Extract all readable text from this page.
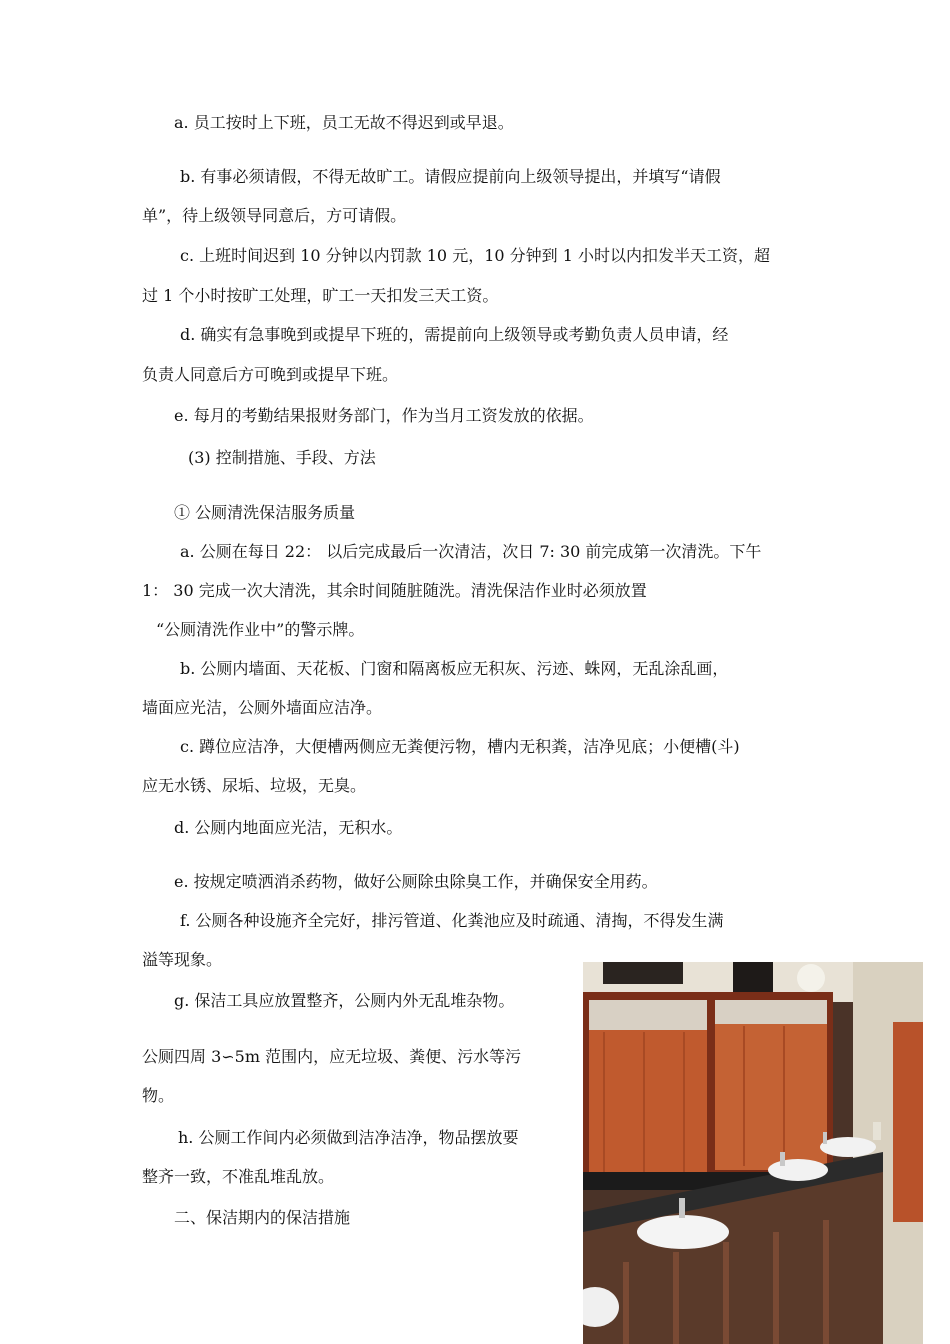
a. 员工按时上下班，员工无故不得迟到或早退。
b. 有事必须请假，不得无故旷工。请假应提前向上级领导提出，并填写“请假
单”，待上级领导同意后，方可请假。
c. 上班时间迟到 10 分钟以内罚款 10 元，10 分钟到 1 小时以内扣发半天工资，超
过 1 个小时按旷工处理，旷工一天扣发三天工资。
d. 确实有急事晚到或提早下班的，需提前向上级领导或考勤负责人员申请，经
负责人同意后方可晚到或提早下班。
e. 每月的考勤结果报财务部门，作为当月工资发放的依据。
(3) 控制措施、手段、方法
① 公厕清洗保洁服务质量
a. 公厕在每日 22： 以后完成最后一次清洁，次日 7: 30 前完成第一次清洗。下午
1： 30 完成一次大清洗，其余时间随脏随洗。清洗保洁作业时必须放置
“公厕清洗作业中”的警示牌。
b. 公厕内墙面、天花板、门窗和隔离板应无积灰、污迹、蛛网，无乱涂乱画，
墙面应光洁，公厕外墙面应洁净。
c. 蹲位应洁净，大便槽两侧应无粪便污物，槽内无积粪，洁净见底；小便槽(斗)
应无水锈、尿垢、垃圾，无臭。
d. 公厕内地面应光洁，无积水。
e. 按规定喷洒消杀药物，做好公厕除虫除臭工作，并确保安全用药。
f. 公厕各种设施齐全完好，排污管道、化粪池应及时疏通、清掏，不得发生满
溢等现象。
g. 保洁工具应放置整齐，公厕内外无乱堆杂物。
公厕四周 3∽5m 范围内，应无垃圾、粪便、污水等污
物。
h. 公厕工作间内必须做到洁净洁净，物品摆放要
整齐一致，不准乱堆乱放。
二、保洁期内的保洁措施
